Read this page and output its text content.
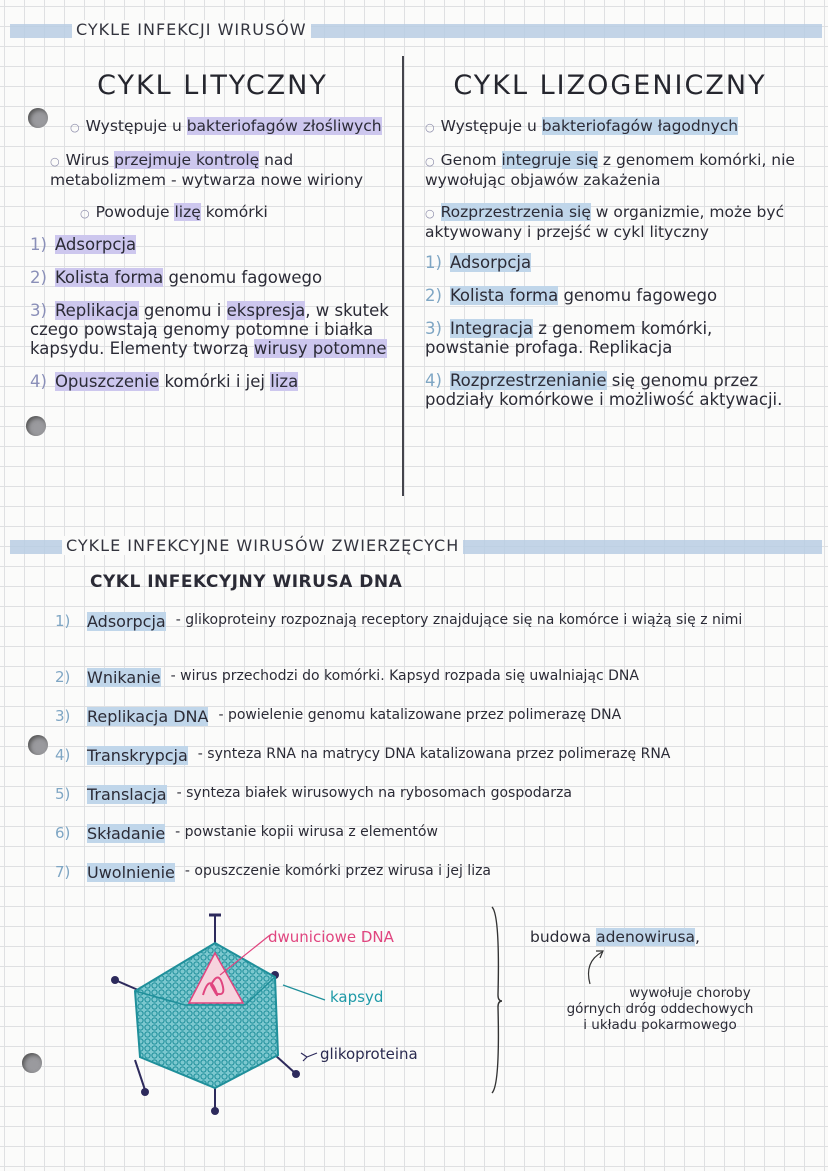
CYKLE INFEKCJI WIRUSÓW
CYKL LITYCZNY
○ Występuje u bakteriofagów złośliwych
○ Wirus przejmuje kontrolę nad metabolizmem - wytwarza nowe wiriony
○ Powoduje lizę komórki
1) Adsorpcja
2) Kolista forma genomu fagowego
3) Replikacja genomu i ekspresja, w skutek czego powstają genomy potomne i białka kapsydu. Elementy tworzą wirusy potomne
4) Opuszczenie komórki i jej liza
CYKL LIZOGENICZNY
○ Występuje u bakteriofagów łagodnych
○ Genom integruje się z genomem komórki, nie wywołując objawów zakażenia
○ Rozprzestrzenia się w organizmie, może być aktywowany i przejść w cykl lityczny
1) Adsorpcja
2) Kolista forma genomu fagowego
3) Integracja z genomem komórki, powstanie profaga. Replikacja
4) Rozprzestrzenianie się genomu przez podziały komórkowe i możliwość aktywacji.
CYKLE INFEKCYJNE WIRUSÓW ZWIERZĘCYCH
CYKL INFEKCYJNY WIRUSA DNA
1)	Adsorpcja - glikoproteiny rozpoznają receptory znajdujące się na komórce i wiążą się z nimi
2)	Wnikanie - wirus przechodzi do komórki. Kapsyd rozpada się uwalniając DNA
3)	Replikacja DNA - powielenie genomu katalizowane przez polimerazę DNA
4)	Transkrypcja - synteza RNA na matrycy DNA katalizowana przez polimerazę RNA
5)	Translacja - synteza białek wirusowych na rybosomach gospodarza
6)	Składanie - powstanie kopii wirusa z elementów
7)	Uwolnienie - opuszczenie komórki przez wirusa i jej liza
dwuniciowe DNA
kapsyd
glikoproteina
budowa adenowirusa,
wywołuje choroby
górnych dróg oddechowych
i układu pokarmowego
